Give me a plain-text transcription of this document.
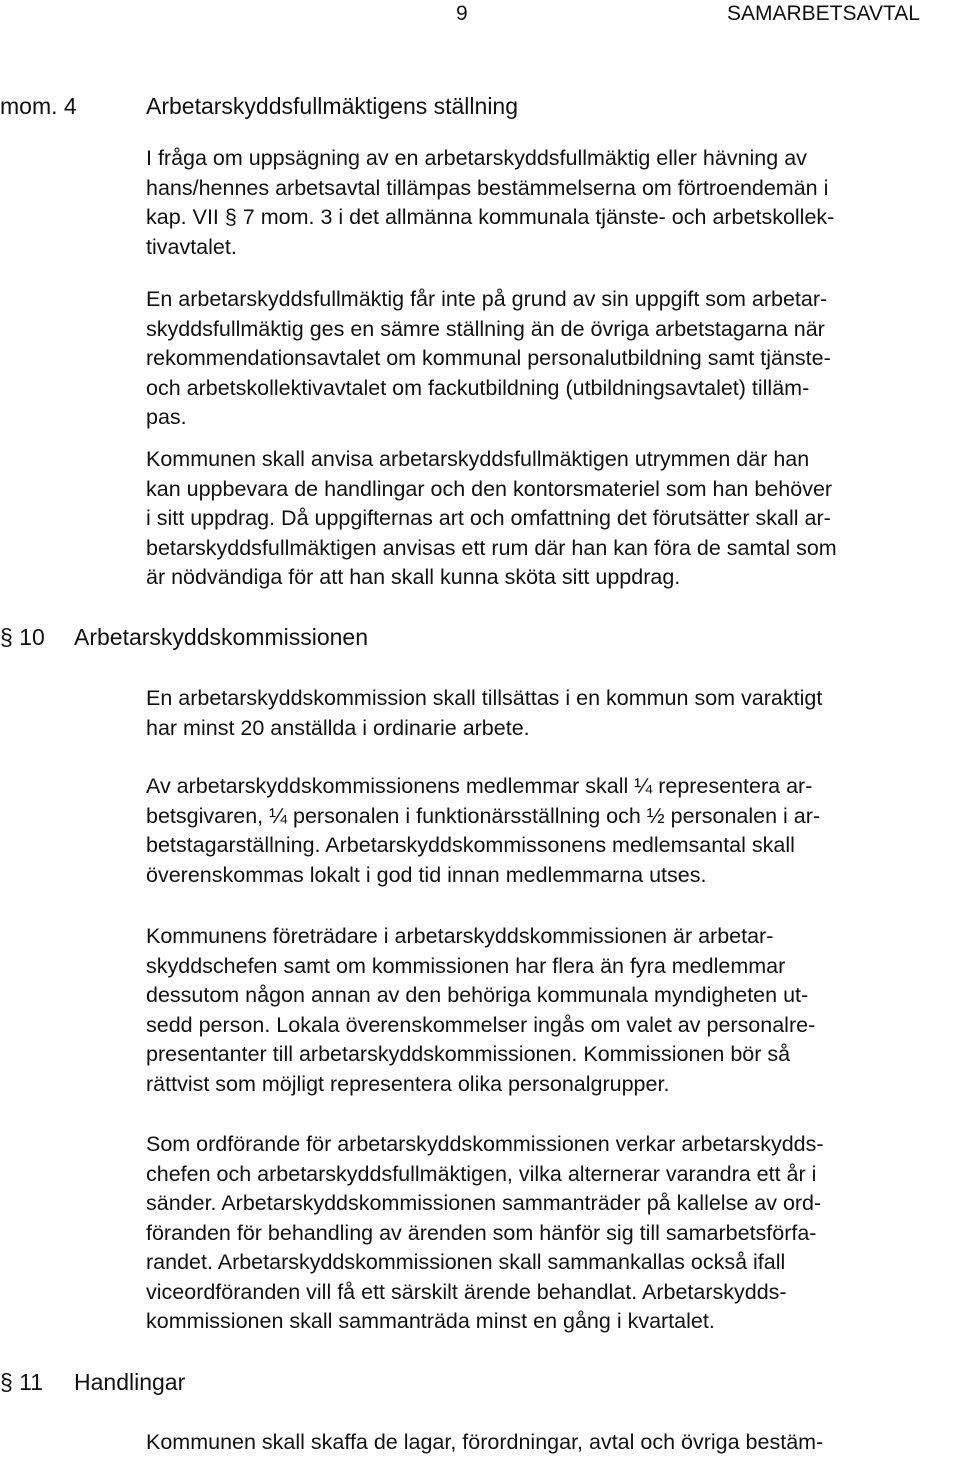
9	SAMARBETSAVTAL
mom. 4	Arbetarskyddsfullmäktigens ställning
I fråga om uppsägning av en arbetarskyddsfullmäktig eller hävning av
hans/hennes arbetsavtal tillämpas bestämmelserna om förtroendemän i
kap. VII § 7 mom. 3 i det allmänna kommunala tjänste- och arbetskollek-
tivavtalet.
En arbetarskyddsfullmäktig får inte på grund av sin uppgift som arbetar-
skyddsfullmäktig ges en sämre ställning än de övriga arbetstagarna när
rekommendationsavtalet om kommunal personalutbildning samt tjänste-
och arbetskollektivavtalet om fackutbildning (utbildningsavtalet) tilläm-
pas.
Kommunen skall anvisa arbetarskyddsfullmäktigen utrymmen där han
kan uppbevara de handlingar och den kontorsmateriel som han behöver
i sitt uppdrag. Då uppgifternas art och omfattning det förutsätter skall ar-
betarskyddsfullmäktigen anvisas ett rum där han kan föra de samtal som
är nödvändiga för att han skall kunna sköta sitt uppdrag.
§ 10 Arbetarskyddskommissionen
En arbetarskyddskommission skall tillsättas i en kommun som varaktigt
har minst 20 anställda i ordinarie arbete.
Av arbetarskyddskommissionens medlemmar skall ¼ representera ar-
betsgivaren, ¼ personalen i funktionärsställning och ½ personalen i ar-
betstagarställning. Arbetarskyddskommissonens medlemsantal skall
överenskommas lokalt i god tid innan medlemmarna utses.
Kommunens företrädare i arbetarskyddskommissionen är arbetar-
skyddschefen samt om kommissionen har flera än fyra medlemmar
dessutom någon annan av den behöriga kommunala myndigheten ut-
sedd person. Lokala överenskommelser ingås om valet av personalre-
presentanter till arbetarskyddskommissionen. Kommissionen bör så
rättvist som möjligt representera olika personalgrupper.
Som ordförande för arbetarskyddskommissionen verkar arbetarskydds-
chefen och arbetarskyddsfullmäktigen, vilka alternerar varandra ett år i
sänder. Arbetarskyddskommissionen sammanträder på kallelse av ord-
föranden för behandling av ärenden som hänför sig till samarbetsförfa-
randet. Arbetarskyddskommissionen skall sammankallas också ifall
viceordföranden vill få ett särskilt ärende behandlat. Arbetarskydds-
kommissionen skall sammanträda minst en gång i kvartalet.
§ 11 Handlingar
Kommunen skall skaffa de lagar, förordningar, avtal och övriga bestäm-
